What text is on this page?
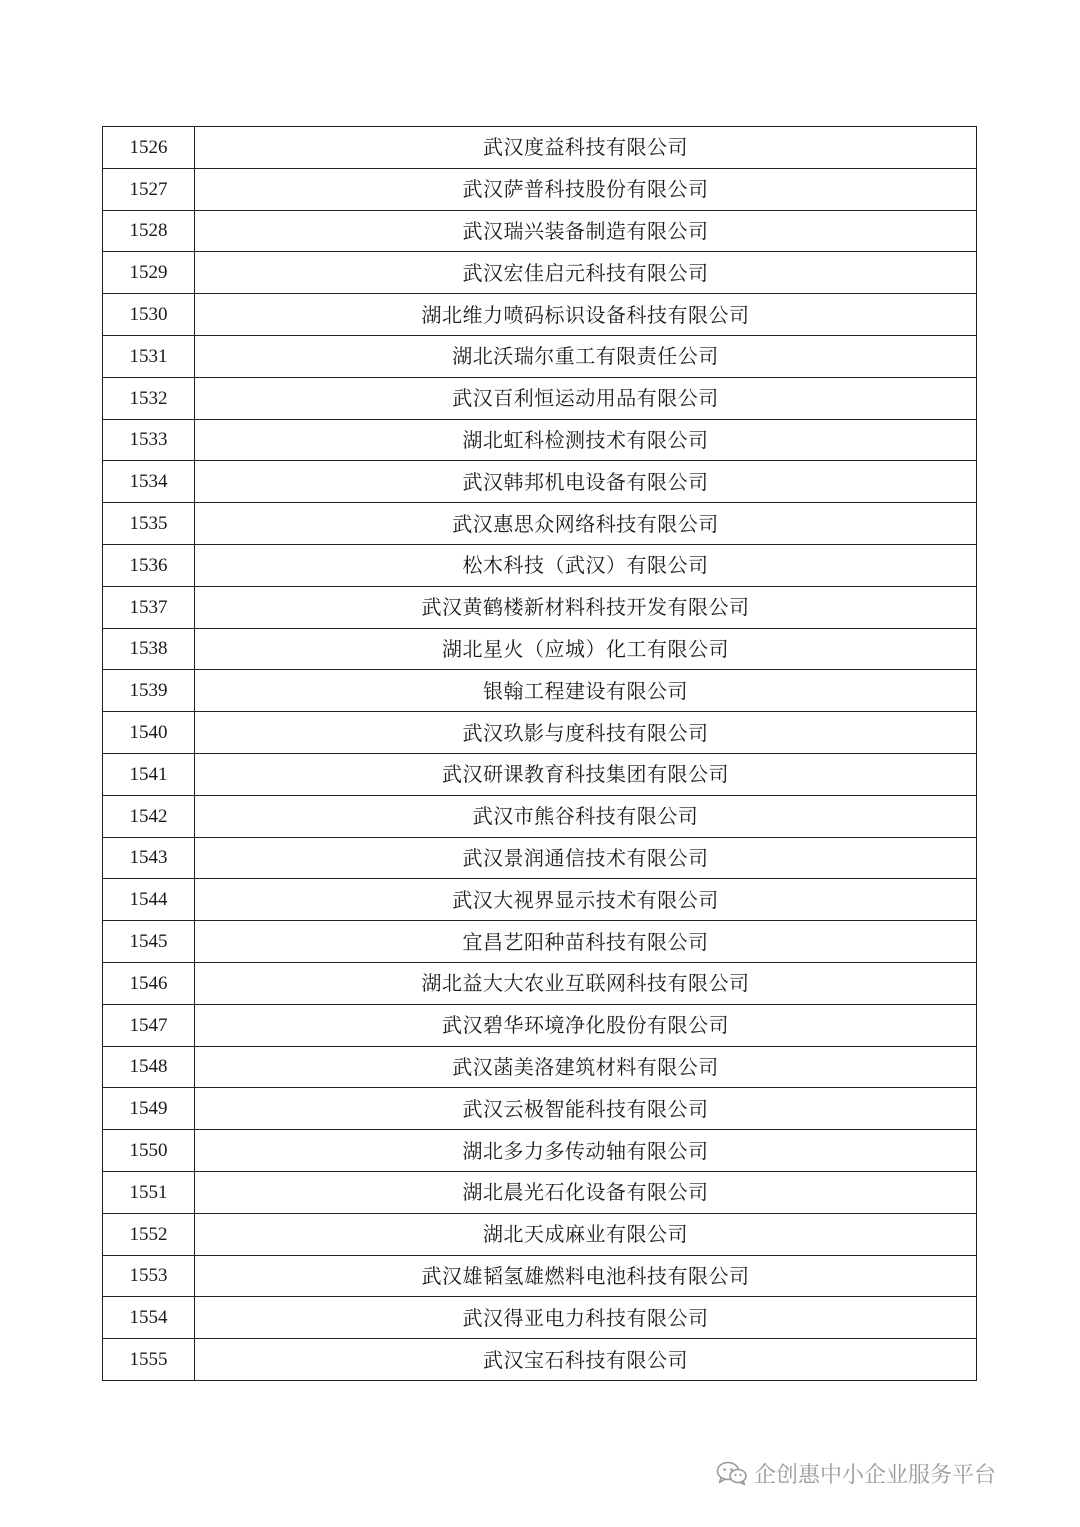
1526	武汉度益科技有限公司
1527	武汉萨普科技股份有限公司
1528	武汉瑞兴装备制造有限公司
1529	武汉宏佳启元科技有限公司
1530	湖北维力喷码标识设备科技有限公司
1531	湖北沃瑞尔重工有限责任公司
1532	武汉百利恒运动用品有限公司
1533	湖北虹科检测技术有限公司
1534	武汉韩邦机电设备有限公司
1535	武汉惠思众网络科技有限公司
1536	松木科技（武汉）有限公司
1537	武汉黄鹤楼新材料科技开发有限公司
1538	湖北星火（应城）化工有限公司
1539	银翰工程建设有限公司
1540	武汉玖影与度科技有限公司
1541	武汉研课教育科技集团有限公司
1542	武汉市熊谷科技有限公司
1543	武汉景润通信技术有限公司
1544	武汉大视界显示技术有限公司
1545	宜昌艺阳种苗科技有限公司
1546	湖北益大大农业互联网科技有限公司
1547	武汉碧华环境净化股份有限公司
1548	武汉菡美洛建筑材料有限公司
1549	武汉云极智能科技有限公司
1550	湖北多力多传动轴有限公司
1551	湖北晨光石化设备有限公司
1552	湖北天成麻业有限公司
1553	武汉雄韬氢雄燃料电池科技有限公司
1554	武汉得亚电力科技有限公司
1555	武汉宝石科技有限公司
企创惠中小企业服务平台
